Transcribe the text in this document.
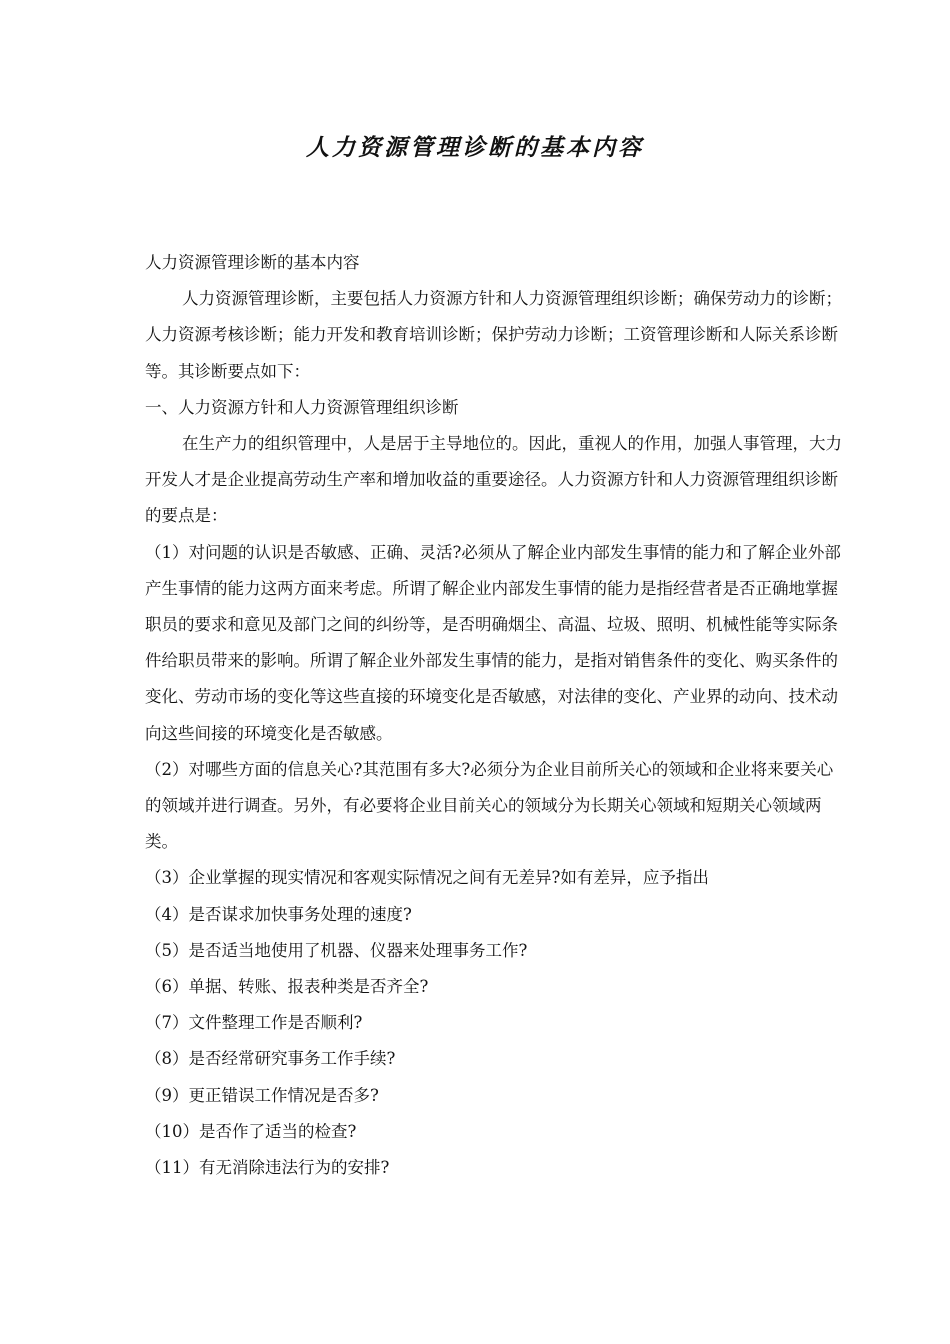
人力资源管理诊断的基本内容

人力资源管理诊断的基本内容

人力资源管理诊断，主要包括人力资源方针和人力资源管理组织诊断；确保劳动力的诊断；人力资源考核诊断；能力开发和教育培训诊断；保护劳动力诊断；工资管理诊断和人际关系诊断等。其诊断要点如下：

一、人力资源方针和人力资源管理组织诊断

在生产力的组织管理中，人是居于主导地位的。因此，重视人的作用，加强人事管理，大力开发人才是企业提高劳动生产率和增加收益的重要途径。人力资源方针和人力资源管理组织诊断的要点是：

（1）对问题的认识是否敏感、正确、灵活?必须从了解企业内部发生事情的能力和了解企业外部产生事情的能力这两方面来考虑。所谓了解企业内部发生事情的能力是指经营者是否正确地掌握职员的要求和意见及部门之间的纠纷等，是否明确烟尘、高温、垃圾、照明、机械性能等实际条件给职员带来的影响。所谓了解企业外部发生事情的能力，是指对销售条件的变化、购买条件的变化、劳动市场的变化等这些直接的环境变化是否敏感，对法律的变化、产业界的动向、技术动向这些间接的环境变化是否敏感。

（2）对哪些方面的信息关心?其范围有多大?必须分为企业目前所关心的领域和企业将来要关心的领域并进行调查。另外，有必要将企业目前关心的领域分为长期关心领域和短期关心领域两类。

（3）企业掌握的现实情况和客观实际情况之间有无差异?如有差异，应予指出

（4）是否谋求加快事务处理的速度?

（5）是否适当地使用了机器、仪器来处理事务工作?

（6）单据、转账、报表种类是否齐全?

（7）文件整理工作是否顺利?

（8）是否经常研究事务工作手续?

（9）更正错误工作情况是否多?

（10）是否作了适当的检查?

（11）有无消除违法行为的安排?
